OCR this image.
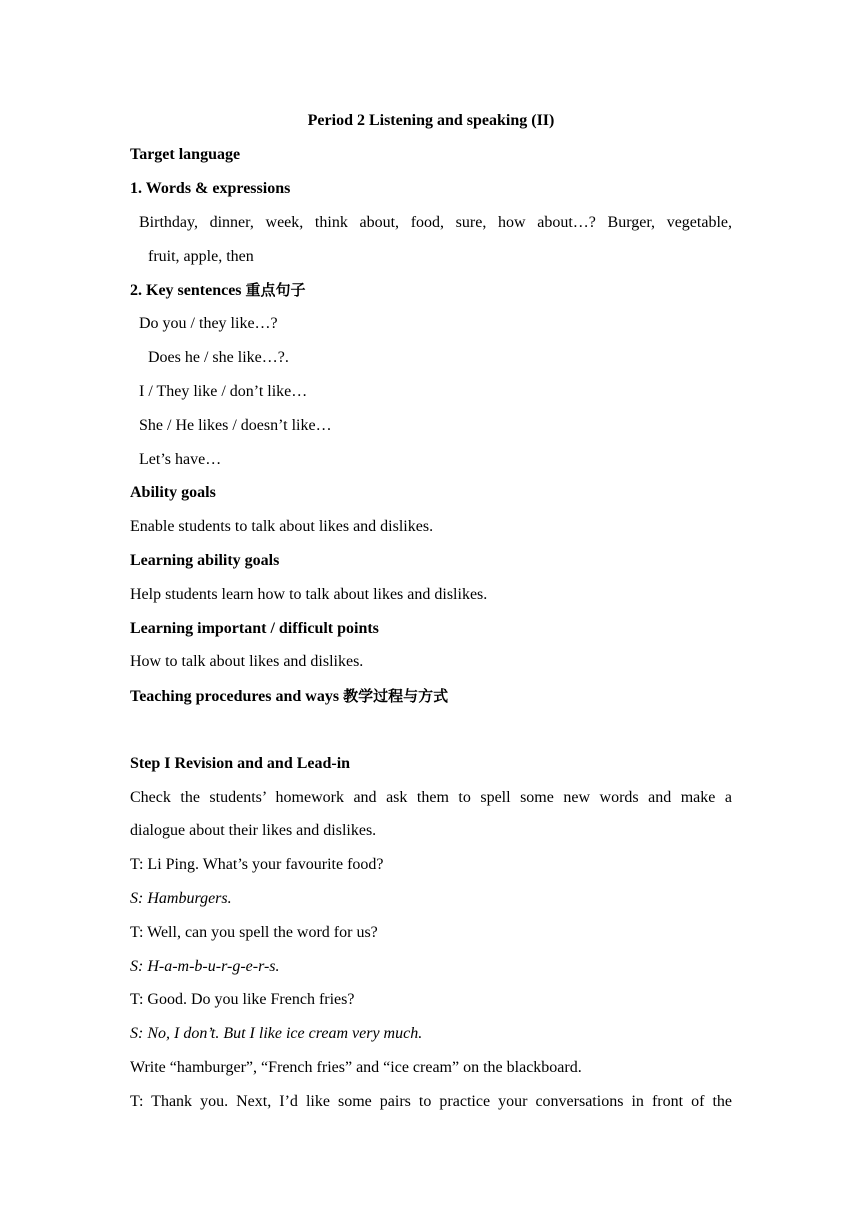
Period 2 Listening and speaking (II)
Target language
1. Words & expressions
Birthday, dinner, week, think about, food, sure, how about…? Burger, vegetable,
fruit, apple, then
2. Key sentences 重点句子
Do you / they like…?
Does he / she like…?.
I / They like / don’t like…
She / He likes / doesn’t like…
Let’s have…
Ability goals
Enable students to talk about likes and dislikes.
Learning ability goals
Help students learn how to talk about likes and dislikes.
Learning important / difficult points
How to talk about likes and dislikes.
Teaching procedures and ways 教学过程与方式
Step I Revision and and Lead-in
Check the students’ homework and ask them to spell some new words and make a
dialogue about their likes and dislikes.
T: Li Ping. What’s your favourite food?
S: Hamburgers.
T: Well, can you spell the word for us?
S: H-a-m-b-u-r-g-e-r-s.
T: Good. Do you like French fries?
S: No, I don’t. But I like ice cream very much.
Write “hamburger”, “French fries” and “ice cream” on the blackboard.
T: Thank you. Next, I’d like some pairs to practice your conversations in front of the
